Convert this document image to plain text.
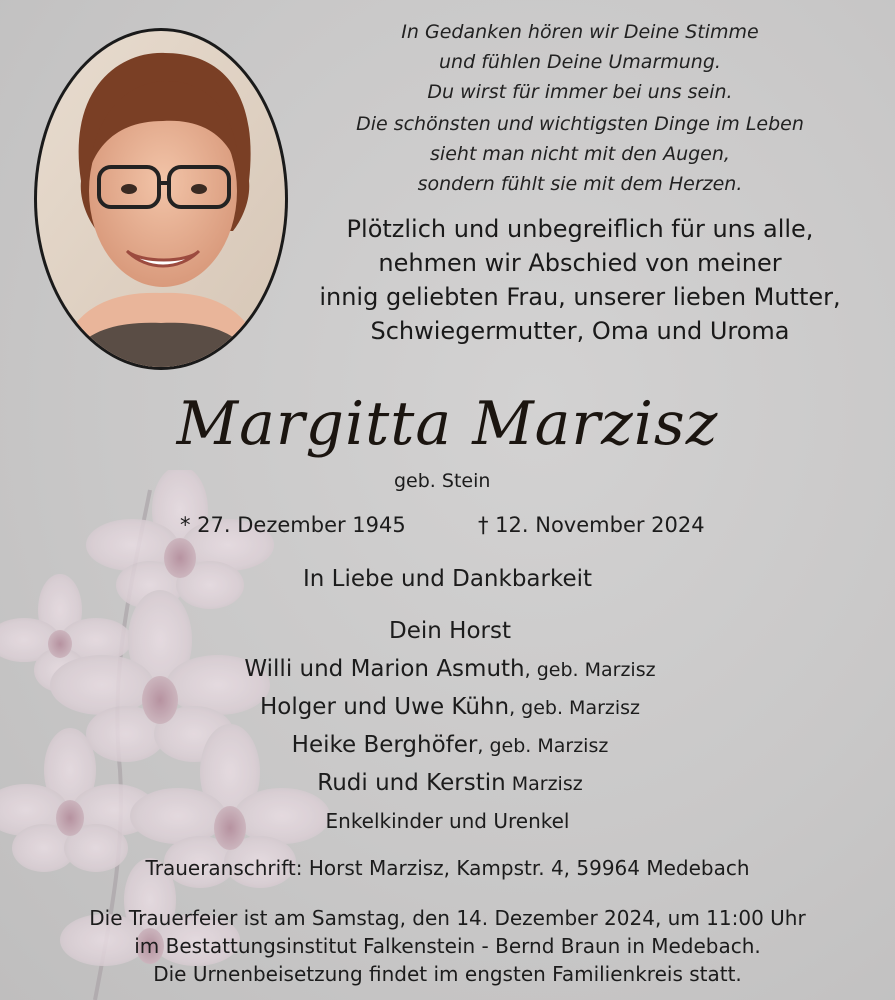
In Gedanken hören wir Deine Stimme

und fühlen Deine Umarmung.

Du wirst für immer bei uns sein.

Die schönsten und wichtigsten Dinge im Leben

sieht man nicht mit den Augen,

sondern fühlt sie mit dem Herzen.

Plötzlich und unbegreiflich für uns alle,

nehmen wir Abschied von meiner

innig geliebten Frau, unserer lieben Mutter,

Schwiegermutter, Oma und Uroma

Margitta Marzisz
geb. Stein
* 27. Dezember 1945	† 12. November 2024
In Liebe und Dankbarkeit
Dein Horst
Willi und Marion Asmuth, geb. Marzisz
Holger und Uwe Kühn, geb. Marzisz
Heike Berghöfer, geb. Marzisz
Rudi und Kerstin Marzisz
Enkelkinder und Urenkel
Traueranschrift: Horst Marzisz, Kampstr. 4, 59964 Medebach

Die Trauerfeier ist am Samstag, den 14. Dezember 2024, um 11:00 Uhr

im Bestattungsinstitut Falkenstein - Bernd Braun in Medebach.

Die Urnenbeisetzung findet im engsten Familienkreis statt.
